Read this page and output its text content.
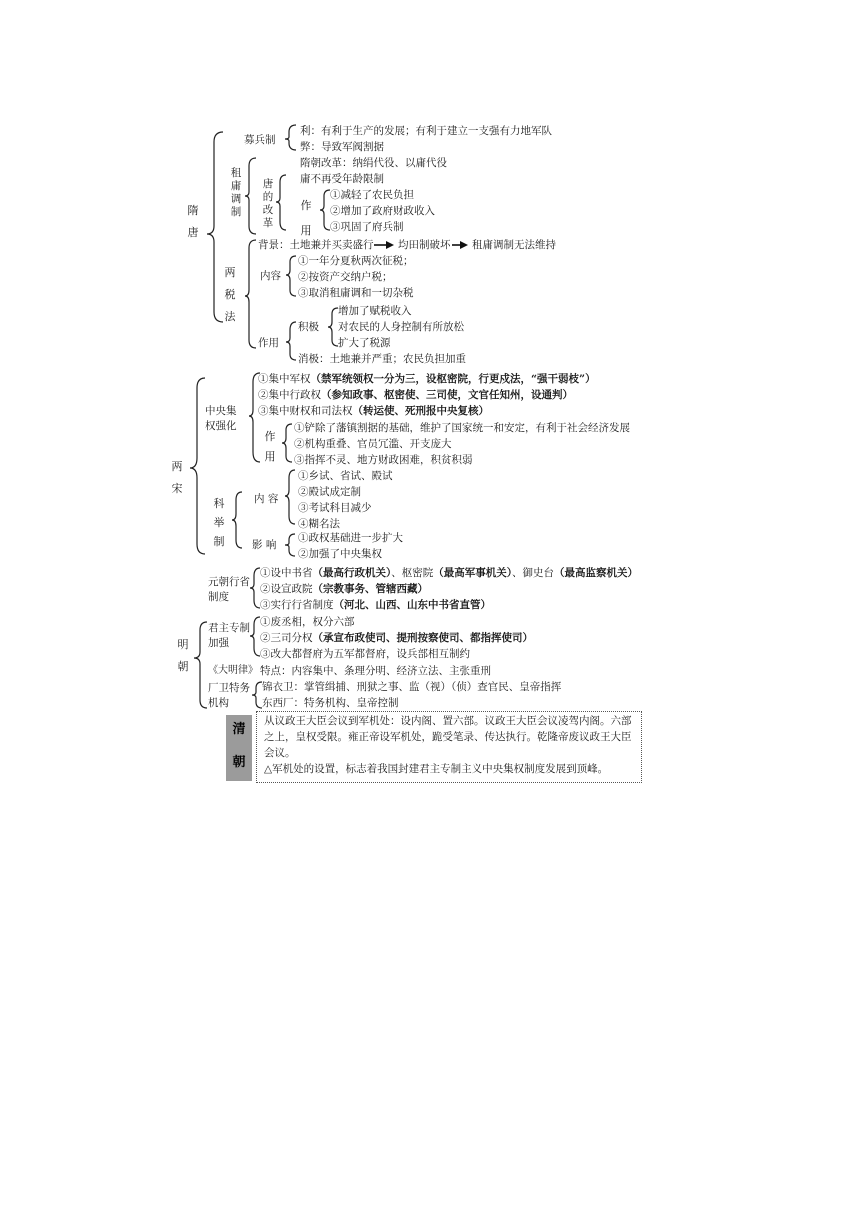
隋唐
募兵制
利：有利于生产的发展；有利于建立一支强有力地军队
弊：导致军阀割据
租庸调制
隋朝改革：纳绢代役、以庸代役
庸不再受年龄限制
唐的改革
作用
①减轻了农民负担
②增加了政府财政收入
③巩固了府兵制
两税法
背景：土地兼并买卖盛行 均田制破坏 租庸调制无法维持
内容
①一年分夏秋两次征税；
②按资产交纳户税；
③取消租庸调和一切杂税
作用
积极
增加了赋税收入
对农民的人身控制有所放松
扩大了税源
消极：土地兼并严重；农民负担加重
两宋
中央集权强化
①集中军权（禁军统领权一分为三，设枢密院，行更戍法，“强干弱枝”）
②集中行政权（参知政事、枢密使、三司使，文官任知州，设通判）
③集中财权和司法权（转运使、死刑报中央复核）
作用
①铲除了藩镇割据的基础，维护了国家统一和安定，有利于社会经济发展
②机构重叠、官员冗滥、开支庞大
③指挥不灵、地方财政困难，积贫积弱
科举制
内 容
①乡试、省试、殿试
②殿试成定制
③考试科目减少
④糊名法
影 响
①政权基础进一步扩大
②加强了中央集权
元朝行省制度
①设中书省（最高行政机关）、枢密院（最高军事机关）、御史台（最高监察机关）
②设宣政院（宗教事务、管辖西藏）
③实行行省制度（河北、山西、山东中书省直管）
明朝
君主专制加强
①废丞相，权分六部
②三司分权（承宣布政使司、提刑按察使司、都指挥使司）
③改大都督府为五军都督府，设兵部相互制约
《大明律》 特点：内容集中、条理分明、经济立法、主张重刑
厂卫特务机构
锦衣卫：掌管缉捕、刑狱之事、监（视）（侦）查官民、皇帝指挥
东西厂：特务机构、皇帝控制
清
朝
从议政王大臣会议到军机处：设内阁、置六部。议政王大臣会议凌驾内阁。六部
之上，皇权受限。雍正帝设军机处，跪受笔录、传达执行。乾隆帝废议政王大臣
会议。
△军机处的设置，标志着我国封建君主专制主义中央集权制度发展到顶峰。
